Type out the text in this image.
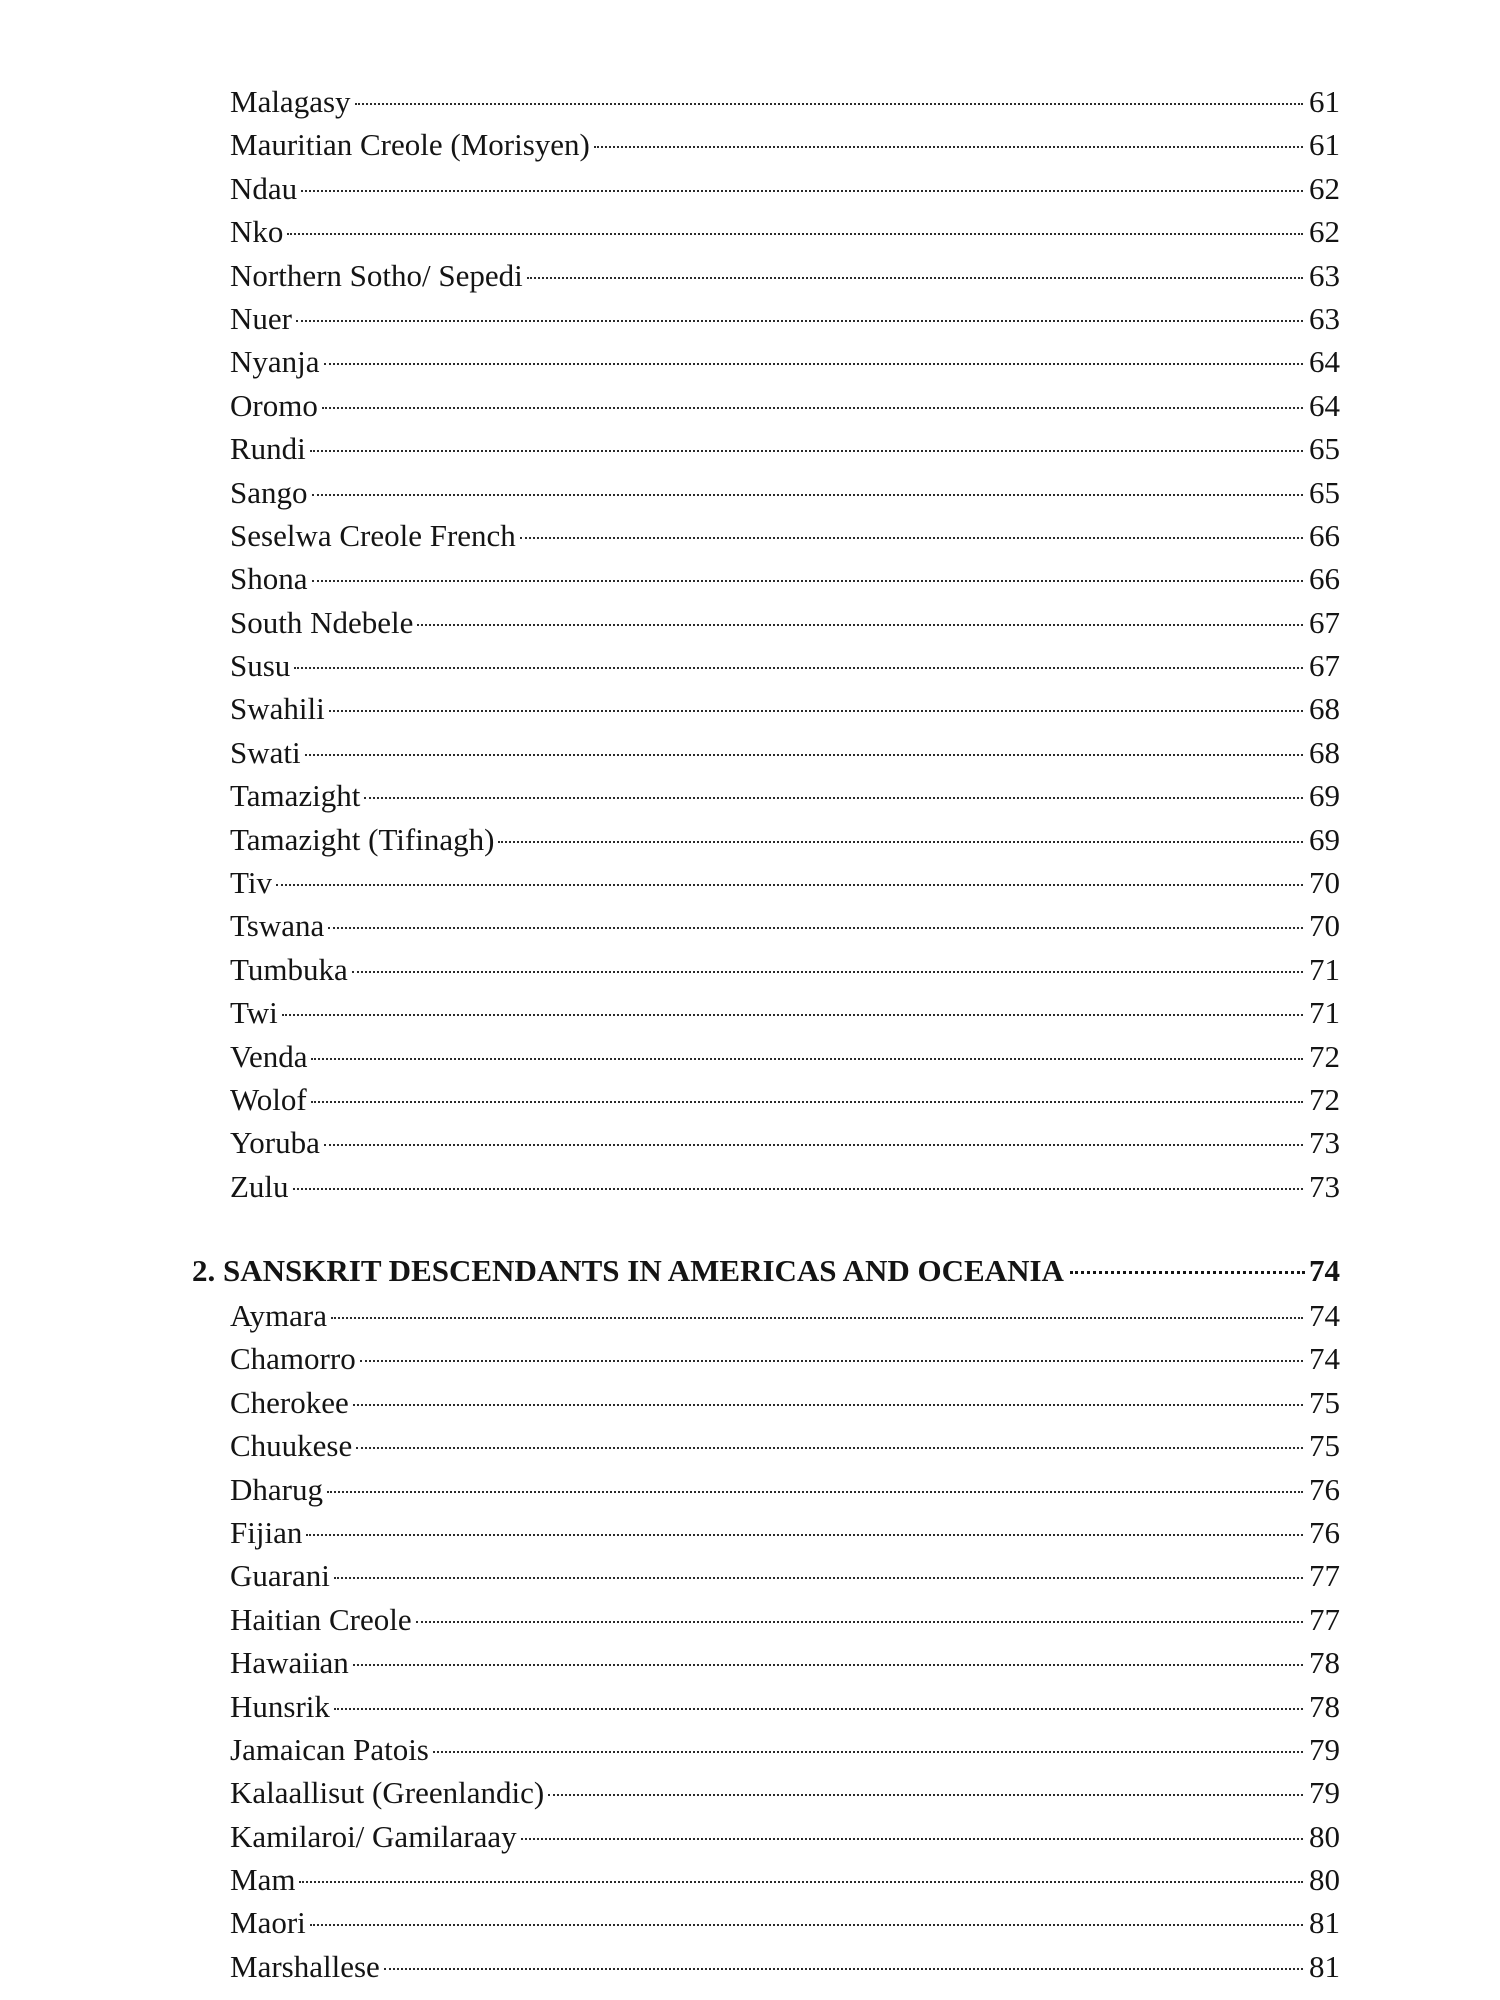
Malagasy	61
Mauritian Creole (Morisyen)	61
Ndau	62
Nko	62
Northern Sotho/ Sepedi	63
Nuer	63
Nyanja	64
Oromo	64
Rundi	65
Sango	65
Seselwa Creole French	66
Shona	66
South Ndebele	67
Susu	67
Swahili	68
Swati	68
Tamazight	69
Tamazight (Tifinagh)	69
Tiv	70
Tswana	70
Tumbuka	71
Twi	71
Venda	72
Wolof	72
Yoruba	73
Zulu	73
2. SANSKRIT DESCENDANTS IN AMERICAS AND OCEANIA	74
Aymara	74
Chamorro	74
Cherokee	75
Chuukese	75
Dharug	76
Fijian	76
Guarani	77
Haitian Creole	77
Hawaiian	78
Hunsrik	78
Jamaican Patois	79
Kalaallisut (Greenlandic)	79
Kamilaroi/ Gamilaraay	80
Mam	80
Maori	81
Marshallese	81
